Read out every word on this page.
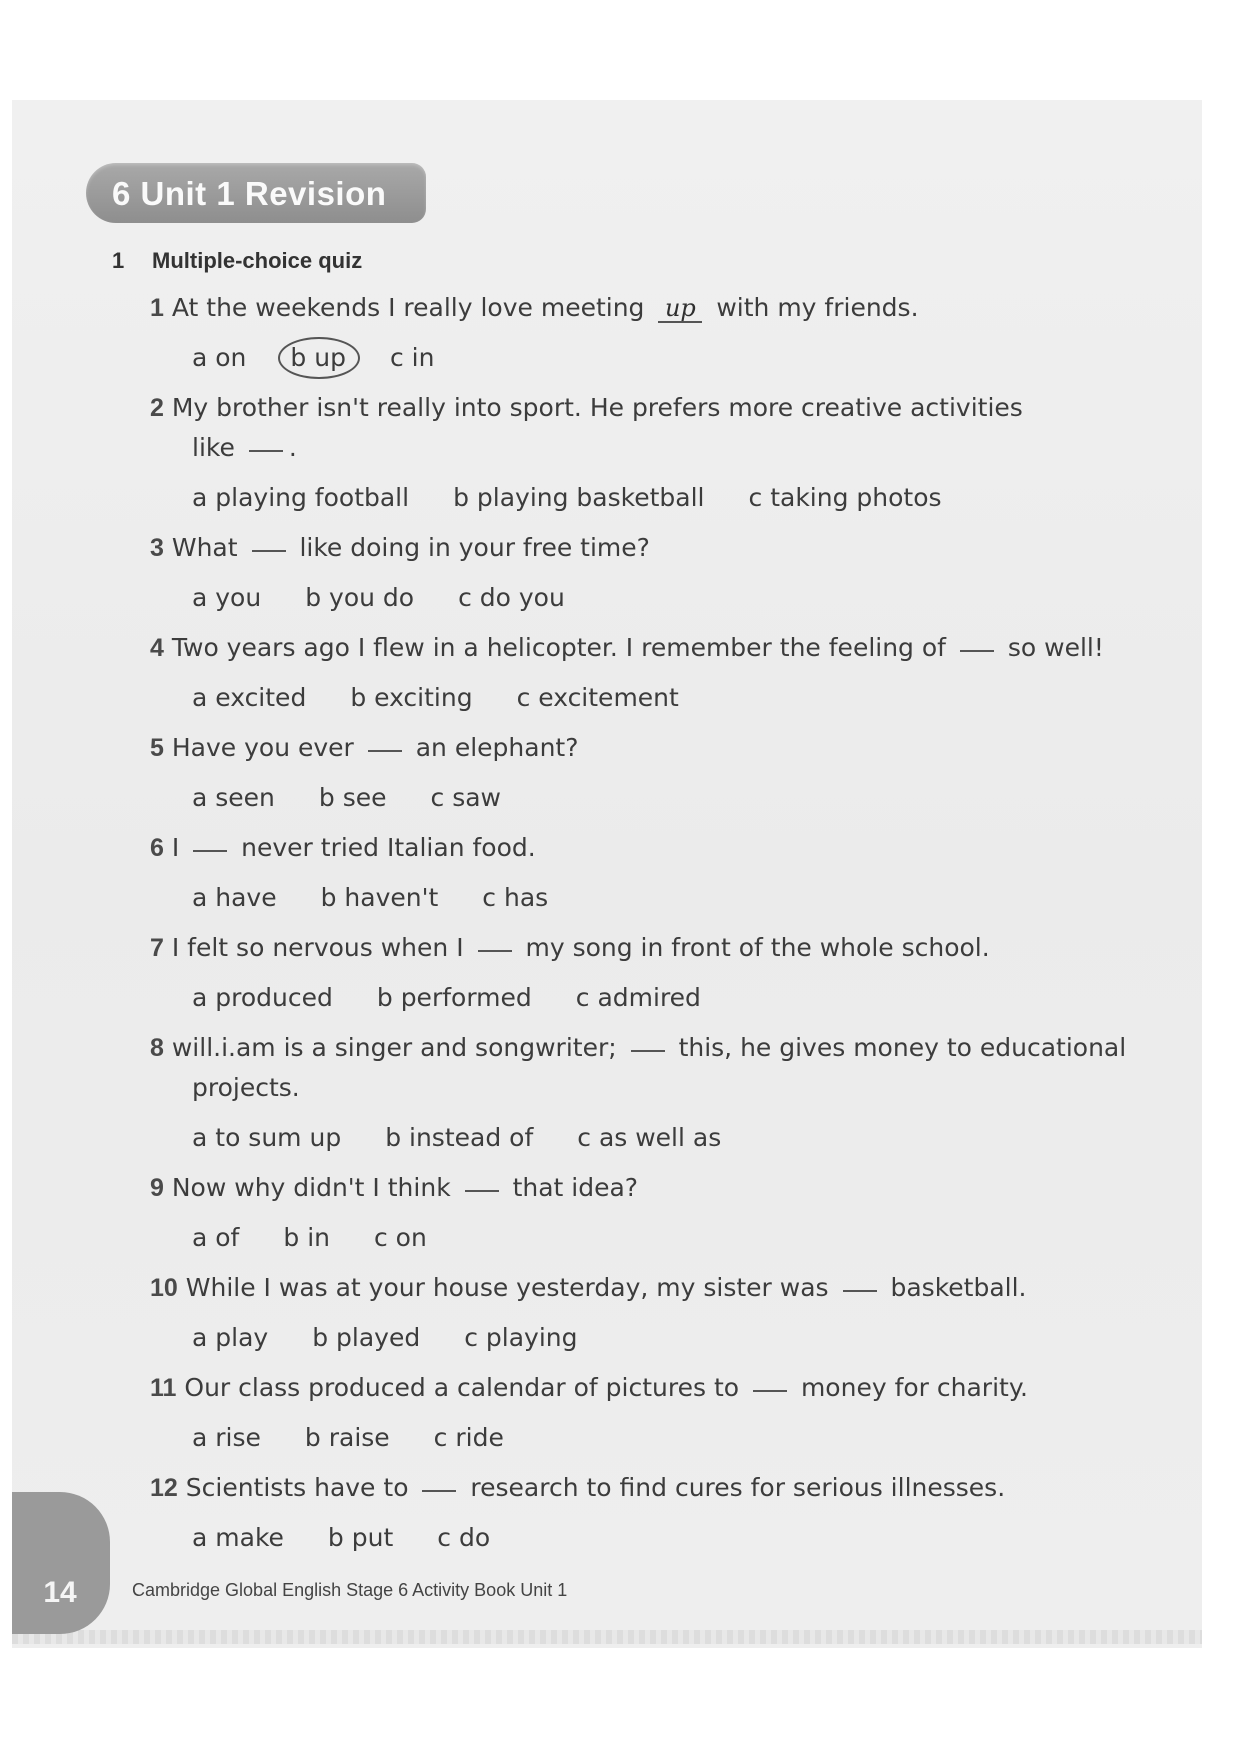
6 Unit 1 Revision
1 Multiple-choice quiz
1 At the weekends I really love meeting up with my friends.
a on b up c in
2 My brother isn't really into sport. He prefers more creative activities
like .
a playing football b playing basketball c taking photos
3 What like doing in your free time?
a you b you do c do you
4 Two years ago I flew in a helicopter. I remember the feeling of so well!
a excited b exciting c excitement
5 Have you ever an elephant?
a seen b see c saw
6 I never tried Italian food.
a have b haven't c has
7 I felt so nervous when I my song in front of the whole school.
a produced b performed c admired
8 will.i.am is a singer and songwriter; this, he gives money to educational
projects.
a to sum up b instead of c as well as
9 Now why didn't I think that idea?
a of b in c on
10 While I was at your house yesterday, my sister was basketball.
a play b played c playing
11 Our class produced a calendar of pictures to money for charity.
a rise b raise c ride
12 Scientists have to research to find cures for serious illnesses.
a make b put c do
14	Cambridge Global English Stage 6 Activity Book Unit 1
